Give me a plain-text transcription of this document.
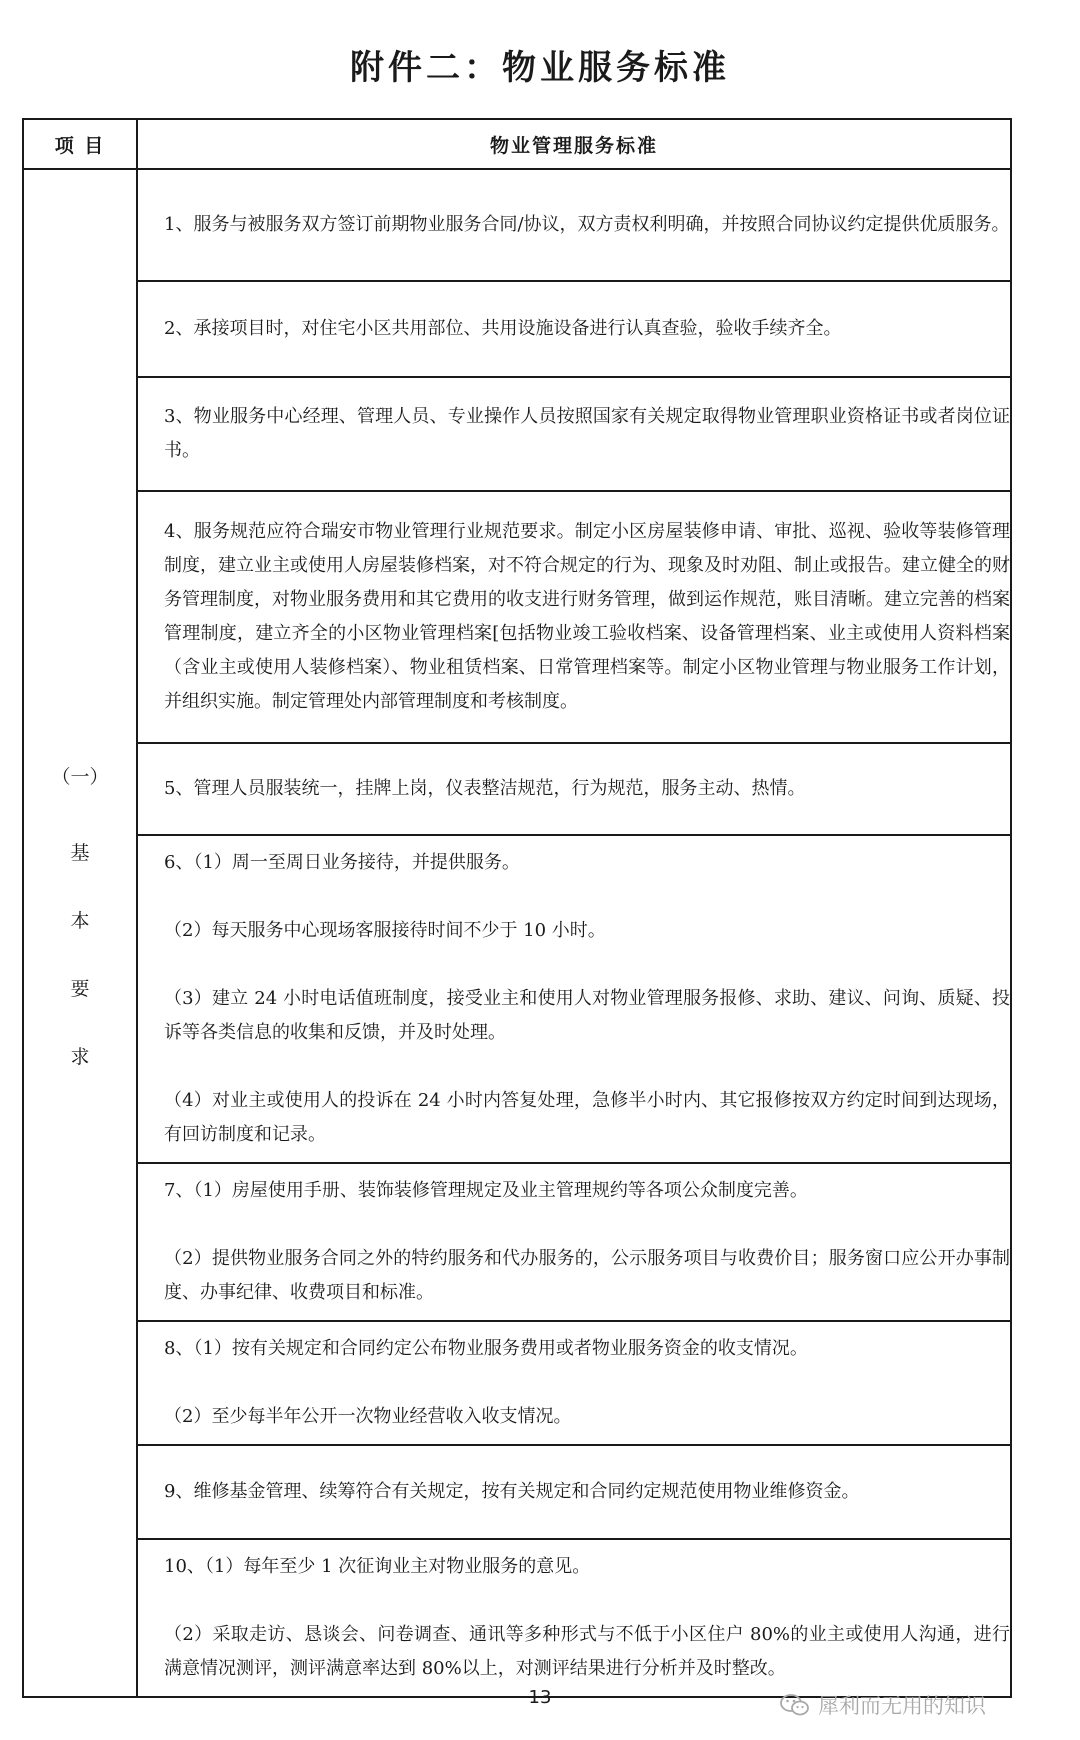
附件二：物业服务标准
项 目	物业管理服务标准

（一）
基
本
要
求	1、服务与被服务双方签订前期物业服务合同/协议，双方责权利明确，并按照合同协议约定提供优质服务。

	2、承接项目时，对住宅小区共用部位、共用设施设备进行认真查验，验收手续齐全。

	3、物业服务中心经理、管理人员、专业操作人员按照国家有关规定取得物业管理职业资格证书或者岗位证书。

	4、服务规范应符合瑞安市物业管理行业规范要求。制定小区房屋装修申请、审批、巡视、验收等装修管理制度，建立业主或使用人房屋装修档案，对不符合规定的行为、现象及时劝阻、制止或报告。建立健全的财务管理制度，对物业服务费用和其它费用的收支进行财务管理，做到运作规范，账目清晰。建立完善的档案管理制度，建立齐全的小区物业管理档案[包括物业竣工验收档案、设备管理档案、业主或使用人资料档案（含业主或使用人装修档案）、物业租赁档案、日常管理档案等。制定小区物业管理与物业服务工作计划，并组织实施。制定管理处内部管理制度和考核制度。

	5、管理人员服装统一，挂牌上岗，仪表整洁规范，行为规范，服务主动、热情。

	6、（1）周一至周日业务接待，并提供服务。

（2）每天服务中心现场客服接待时间不少于 10 小时。

（3）建立 24 小时电话值班制度，接受业主和使用人对物业管理服务报修、求助、建议、问询、质疑、投诉等各类信息的收集和反馈，并及时处理。

（4）对业主或使用人的投诉在 24 小时内答复处理，急修半小时内、其它报修按双方约定时间到达现场，有回访制度和记录。

	7、（1）房屋使用手册、装饰装修管理规定及业主管理规约等各项公众制度完善。

（2）提供物业服务合同之外的特约服务和代办服务的，公示服务项目与收费价目；服务窗口应公开办事制度、办事纪律、收费项目和标准。

	8、（1）按有关规定和合同约定公布物业服务费用或者物业服务资金的收支情况。

（2）至少每半年公开一次物业经营收入收支情况。

	9、维修基金管理、续筹符合有关规定，按有关规定和合同约定规范使用物业维修资金。

	10、（1）每年至少 1 次征询业主对物业服务的意见。

（2）采取走访、恳谈会、问卷调查、通讯等多种形式与不低于小区住户 80%的业主或使用人沟通，进行满意情况测评，测评满意率达到 80%以上，对测评结果进行分析并及时整改。

13	犀利而无用的知识
